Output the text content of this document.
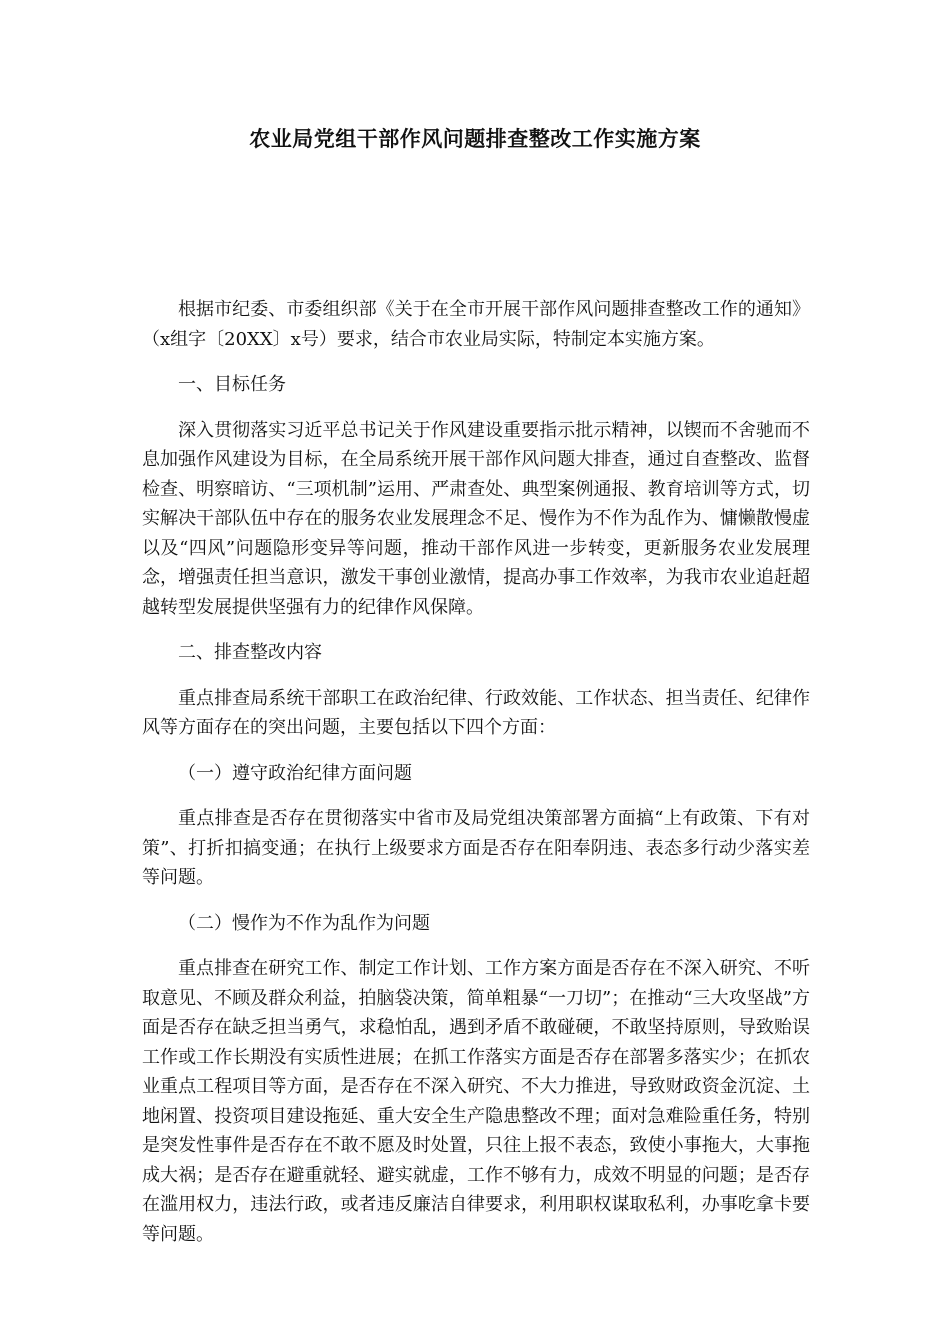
农业局党组干部作风问题排查整改工作实施方案

根据市纪委、市委组织部《关于在全市开展干部作风问题排查整改工作的通知》（x组字〔20XX〕x号）要求，结合市农业局实际，特制定本实施方案。

一、目标任务

深入贯彻落实习近平总书记关于作风建设重要指示批示精神，以锲而不舍驰而不息加强作风建设为目标，在全局系统开展干部作风问题大排查，通过自查整改、监督检查、明察暗访、“三项机制”运用、严肃查处、典型案例通报、教育培训等方式，切实解决干部队伍中存在的服务农业发展理念不足、慢作为不作为乱作为、慵懒散慢虚以及“四风”问题隐形变异等问题，推动干部作风进一步转变，更新服务农业发展理念，增强责任担当意识，激发干事创业激情，提高办事工作效率，为我市农业追赶超越转型发展提供坚强有力的纪律作风保障。

二、排查整改内容

重点排查局系统干部职工在政治纪律、行政效能、工作状态、担当责任、纪律作风等方面存在的突出问题，主要包括以下四个方面：

（一）遵守政治纪律方面问题

重点排查是否存在贯彻落实中省市及局党组决策部署方面搞“上有政策、下有对策”、打折扣搞变通；在执行上级要求方面是否存在阳奉阴违、表态多行动少落实差等问题。

（二）慢作为不作为乱作为问题

重点排查在研究工作、制定工作计划、工作方案方面是否存在不深入研究、不听取意见、不顾及群众利益，拍脑袋决策，简单粗暴“一刀切”；在推动“三大攻坚战”方面是否存在缺乏担当勇气，求稳怕乱，遇到矛盾不敢碰硬，不敢坚持原则，导致贻误工作或工作长期没有实质性进展；在抓工作落实方面是否存在部署多落实少；在抓农业重点工程项目等方面，是否存在不深入研究、不大力推进，导致财政资金沉淀、土地闲置、投资项目建设拖延、重大安全生产隐患整改不理；面对急难险重任务，特别是突发性事件是否存在不敢不愿及时处置，只往上报不表态，致使小事拖大，大事拖成大祸；是否存在避重就轻、避实就虚，工作不够有力，成效不明显的问题；是否存在滥用权力，违法行政，或者违反廉洁自律要求，利用职权谋取私利，办事吃拿卡要等问题。
